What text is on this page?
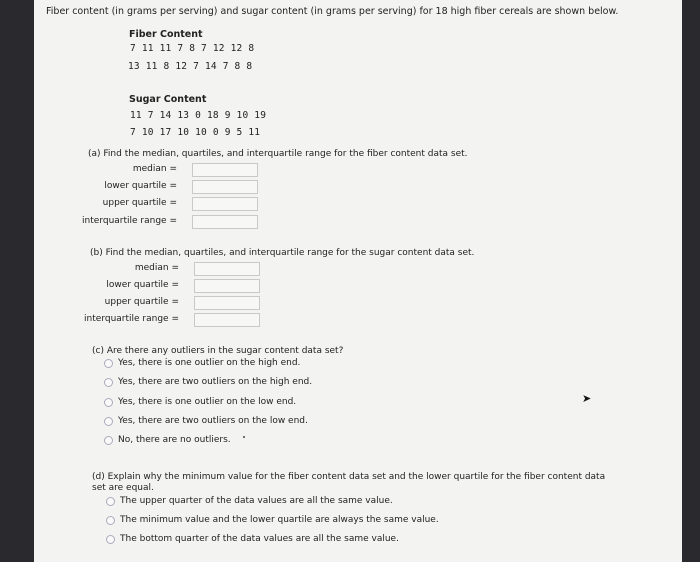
Fiber content (in grams per serving) and sugar content (in grams per serving) for 18 high fiber cereals are shown below.
Fiber Content
7 11 11 7 8 7 12 12 8
13 11 8 12 7 14 7 8 8
Sugar Content
11 7 14 13 0 18 9 10 19
7 10 17 10 10 0 9 5 11
(a) Find the median, quartiles, and interquartile range for the fiber content data set.
median =
lower quartile =
upper quartile =
interquartile range =
(b) Find the median, quartiles, and interquartile range for the sugar content data set.
median =
lower quartile =
upper quartile =
interquartile range =
(c) Are there any outliers in the sugar content data set?
Yes, there is one outlier on the high end.
Yes, there are two outliers on the high end.
Yes, there is one outlier on the low end.
Yes, there are two outliers on the low end.
No, there are no outliers.
(d) Explain why the minimum value for the fiber content data set and the lower quartile for the fiber content data
set are equal.
The upper quarter of the data values are all the same value.
The minimum value and the lower quartile are always the same value.
The bottom quarter of the data values are all the same value.
➤
